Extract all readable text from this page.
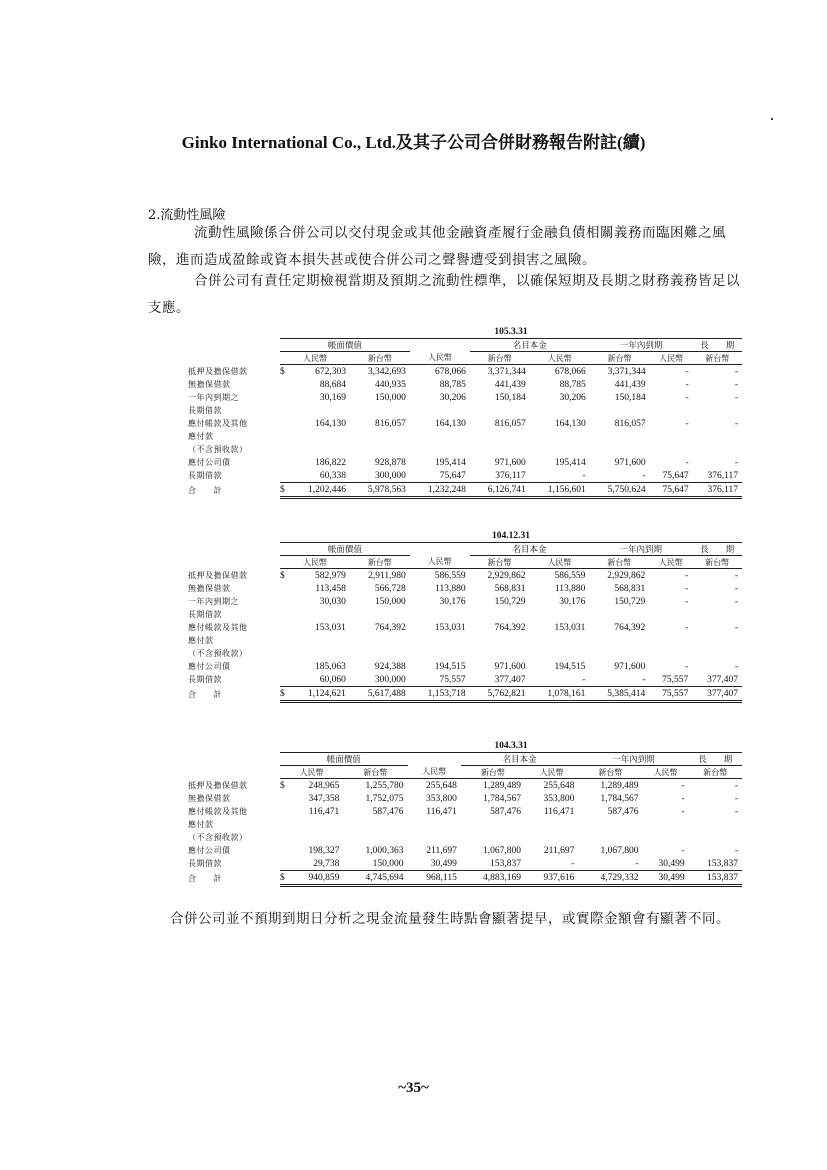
Ginko International Co., Ltd.及其子公司合併財務報告附註(續)
2.流動性風險
流動性風險係合併公司以交付現金或其他金融資產履行金融負債相關義務而臨困難之風險，進而造成盈餘或資本損失甚或使合併公司之聲譽遭受到損害之風險。
合併公司有責任定期檢視當期及預期之流動性標準，以確保短期及長期之財務義務皆足以支應。
	105.3.31								
	帳面價值				名目本金		一年內到期		長　　期
	人民幣		新台幣	人民幣	新台幣	人民幣	新台幣	人民幣	新台幣
抵押及擔保借款	$	672,303	3,342,693	678,066	3,371,344	678,066	3,371,344	-	-
無擔保借款		88,684	440,935	88,785	441,439	88,785	441,439	-	-
一年內到期之		30,169	150,000	30,206	150,184	30,206	150,184	-	-
長期借款									
應付帳款及其他		164,130	816,057	164,130	816,057	164,130	816,057	-	-
應付款									
（不含預收款）									
應付公司債		186,822	928,878	195,414	971,600	195,414	971,600	-	-
長期借款		60,338	300,000	75,647	376,117	-	-	75,647	376,117
合　　計	$	1,202,446	5,978,563	1,232,248	6,126,741	1,156,601	5,750,624	75,647	376,117
	104.12.31								
	帳面價值				名目本金		一年內到期		長　　期
	人民幣		新台幣	人民幣	新台幣	人民幣	新台幣	人民幣	新台幣
抵押及擔保借款	$	582,979	2,911,980	586,559	2,929,862	586,559	2,929,862	-	-
無擔保借款		113,458	566,728	113,880	568,831	113,880	568,831	-	-
一年內到期之		30,030	150,000	30,176	150,729	30,176	150,729	-	-
長期借款									
應付帳款及其他		153,031	764,392	153,031	764,392	153,031	764,392	-	-
應付款									
（不含預收款）									
應付公司債		185,063	924,388	194,515	971,600	194,515	971,600	-	-
長期借款		60,060	300,000	75,557	377,407	-	-	75,557	377,407
合　　計	$	1,124,621	5,617,488	1,153,718	5,762,821	1,078,161	5,385,414	75,557	377,407
	104.3.31								
	帳面價值				名目本金		一年內到期		長　　期
	人民幣		新台幣	人民幣	新台幣	人民幣	新台幣	人民幣	新台幣
抵押及擔保借款	$	248,965	1,255,780	255,648	1,289,489	255,648	1,289,489	-	-
無擔保借款		347,358	1,752,075	353,800	1,784,567	353,800	1,784,567	-	-
應付帳款及其他		116,471	587,476	116,471	587,476	116,471	587,476	-	-
應付款									
（不含預收款）									
應付公司債		198,327	1,000,363	211,697	1,067,800	211,697	1,067,800	-	-
長期借款		29,738	150,000	30,499	153,837	-	-	30,499	153,837
合　　計	$	940,859	4,745,694	968,115	4,883,169	937,616	4,729,332	30,499	153,837
合併公司並不預期到期日分析之現金流量發生時點會顯著提早，或實際金額會有顯著不同。
~35~
